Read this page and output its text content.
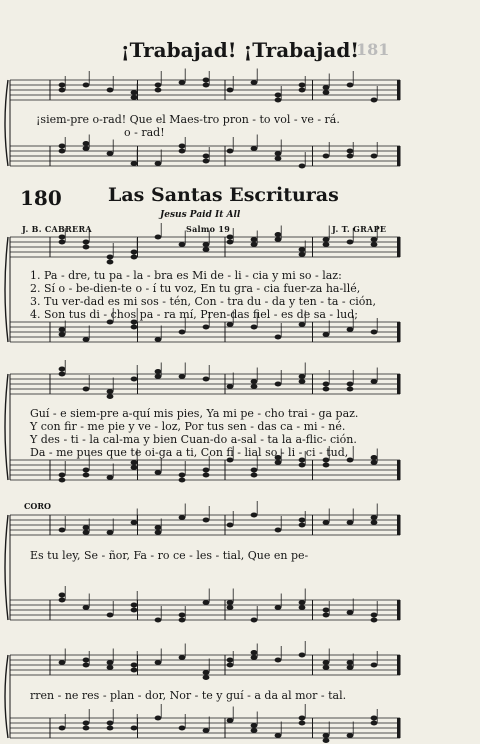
181
¡Trabajad! ¡Trabajad!
¡siem-pre o-rad! Que el Maes-tro pron - to vol - ve - rá.
o - rad!
180 Las Santas Escrituras
Jesus Paid It All
J. B. CABRERA	Salmo 19	J. T. GRAPE
1. Pa - dre, tu pa - la - bra es Mi de - li - cia y mi so - laz:
2. Sí o - be-dien-te o - í tu voz, En tu gra - cia fuer-za ha-llé,
3. Tu ver-dad es mi sos - tén, Con - tra du - da y ten - ta - ción,
4. Son tus di - chos pa - ra mí, Pren-das fiel - es de sa - lud;
Guí - e siem-pre a-quí mis pies, Ya mi pe - cho trai - ga paz.
Y con fir - me pie y ve - loz, Por tus sen - das ca - mi - né.
Y des - ti - la cal-ma y bien Cuan-do a-sal - ta la a-flic- ción.
Da - me pues que te oi-ga a ti, Con fi - lial so - li - ci - tud,
CORO
Es tu ley, Se - ñor, Fa - ro ce - les - tial, Que en pe-
rren - ne res - plan - dor, Nor - te y guí - a da al mor - tal.
